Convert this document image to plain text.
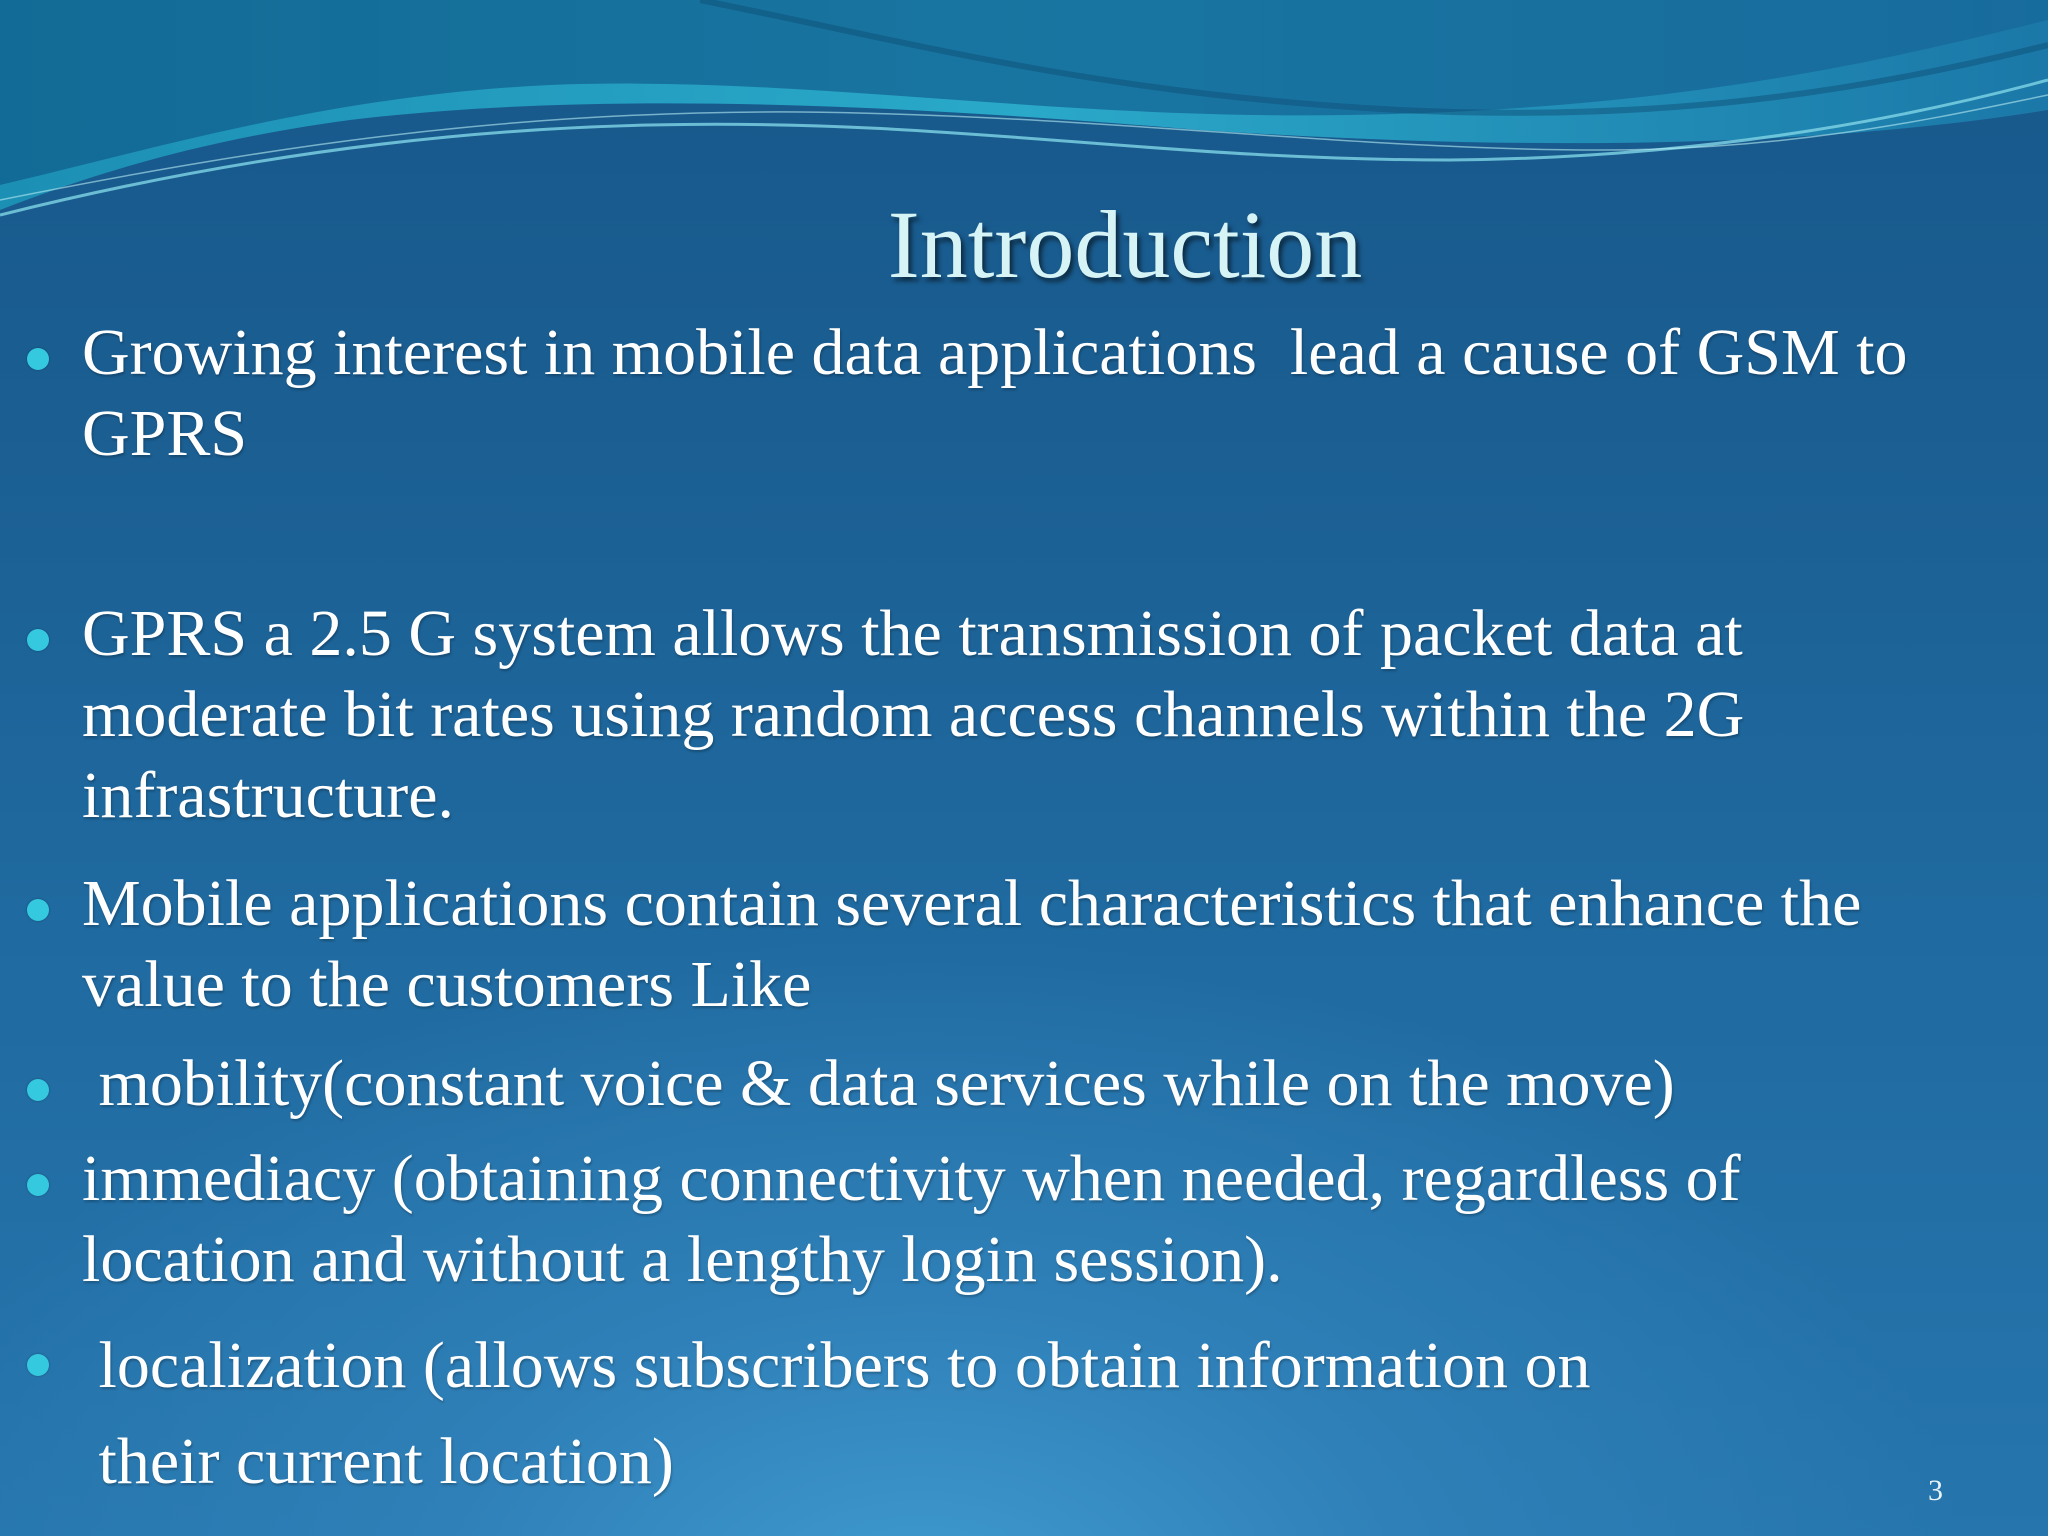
Introduction
Growing interest in mobile data applications  lead a cause of GSM to
GPRS
GPRS a 2.5 G system allows the transmission of packet data at
moderate bit rates using random access channels within the 2G
infrastructure.
Mobile applications contain several characteristics that enhance the
value to the customers Like
mobility(constant voice & data services while on the move)
immediacy (obtaining connectivity when needed, regardless of
location and without a lengthy login session).
localization (allows subscribers to obtain information on
their current location)	3
